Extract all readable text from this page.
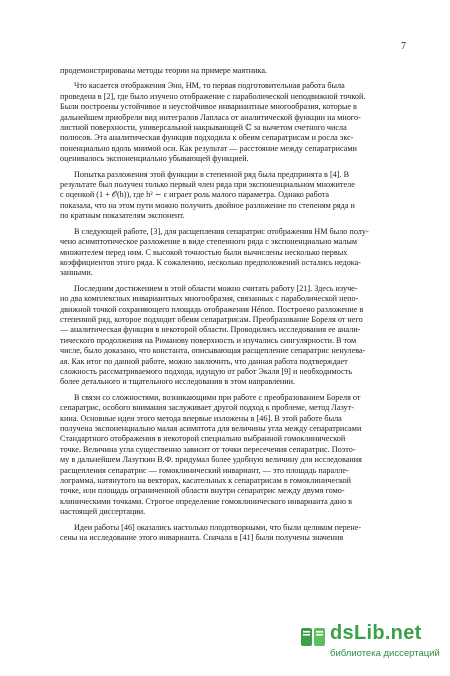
7

продемонстрированы методы теории на примере маятника.

Что касается отображения Эно, HM, то первая подготовительная работа была
проведена в [2], где было изучено отображение с параболической неподвижной точкой.
Были построены устойчивое и неустойчивое инвариантные многообразия, которые в
дальнейшем приобрели вид интегралов Лапласа от аналитической функции на много-
листной поверхности, универсальной накрывающей ℂ за вычетом счетного числа
полюсов. Эта аналитическая функция подходила к обеим сепаратрисам и росла экс-
поненциально вдоль мнимой оси. Как результат — расстояние между сепаратрисами
оценивалось экспоненциально убывающей функцией.

Попытка разложения этой функции в степенной ряд была предпринята в [4]. В
результате был получен только первый член ряда при экспоненциальном множителе
с оценкой (1 + 𝒪(h)), где h² ∼ ε играет роль малого параметра. Однако работа
показала, что на этом пути можно получить двойное разложение по степеням ряда и
по кратным показателям экспонент.

В следующей работе, [3], для расщепления сепаратрис отображения HM было полу-
чено асимптотическое разложение в виде степенного ряда с экспоненциально малым
множителем перед ним. С высокой точностью были вычислены несколько первых
коэффициентов этого ряда. К сожалению, несколько предположений остались недока-
занными.

Последним достижением в этой области можно считать работу [21]. Здесь изуче-
но два комплексных инвариантных многообразия, связанных с параболической непо-
движной точкой сохраняющего площадь отображения Hénon. Построено разложение в
степенной ряд, которое подходит обеим сепаратрисам. Преобразование Бореля от него
— аналитическая функция в некоторой области. Проводились исследования ее анали-
тического продолжения на Риманову поверхность и изучались сингулярности. В том
числе, было доказано, что константа, описывающая расщепление сепаратрис ненулева-
ая. Как итог по данной работе, можно заключить, что данная работа подтверждает
сложность рассматриваемого подхода, идущую от работ Экаля [9] и необходимость
более детального и тщательного исследования в этом направлении.

В связи со сложностями, возникающими при работе с преобразованием Бореля от
сепаратрис, особого внимания заслуживает другой подход к проблеме, метод Лазут-
кина. Основные идеи этого метода впервые изложены в [46]. В этой работе была
получена экспоненциально малая асимптота для величины угла между сепаратрисами
Стандартного отображения в некоторой специально выбранной гомоклинической
точке. Величина угла существенно зависит от точки пересечения сепаратрис. Поэто-
му в дальнейшем Лазуткин В.Ф. придумал более удобную величину для исследования
расщепления сепаратрис — гомоклинический инвариант, — это площадь паралле-
лограмма, натянутого на векторах, касательных к сепаратрисам в гомоклинической
точке, или площадь ограниченной области внутри сепаратрис между двумя гомо-
клиническими точками. Строгое определение гомоклинического инварианта дано в
настоящей диссертации.

Идеи работы [46] оказались настолько плодотворными, что были целиком перене-
сены на исследование этого инварианта. Сначала в [41] были получены значения

dsLib.net
библиотека диссертаций
